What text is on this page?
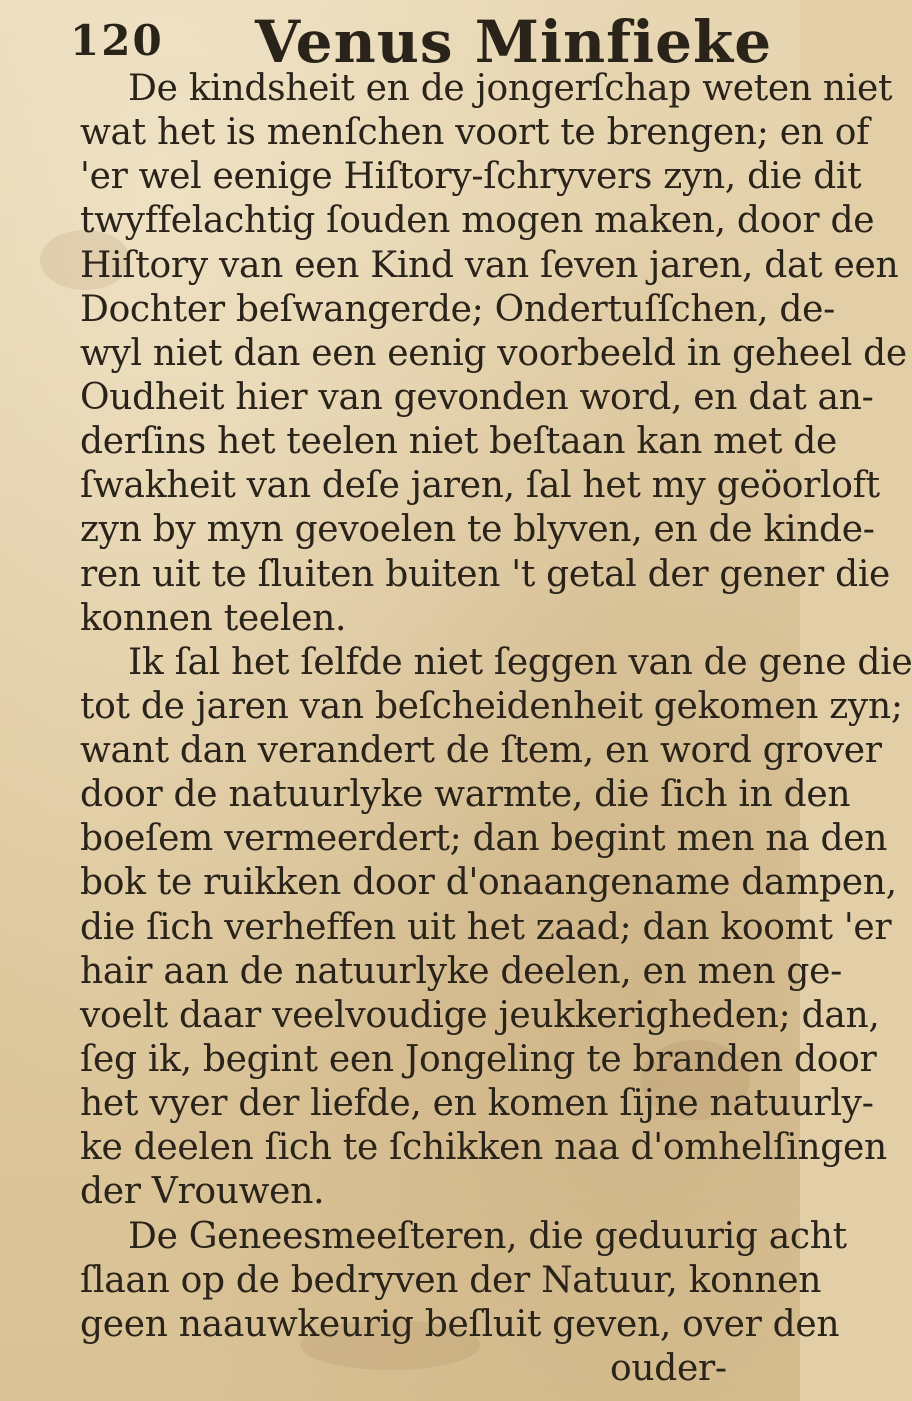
120 Venus Minfieke
De kindsheit en de jongerſchap weten niet
wat het is menſchen voort te brengen; en of
'er wel eenige Hiſtory-ſchryvers zyn, die dit
twyffelachtig ſouden mogen maken, door de
Hiſtory van een Kind van ſeven jaren, dat een
Dochter beſwangerde; Ondertuſſchen, de-
wyl niet dan een eenig voorbeeld in geheel de
Oudheit hier van gevonden word, en dat an-
derſins het teelen niet beſtaan kan met de
ſwakheit van deſe jaren, ſal het my geöorloft
zyn by myn gevoelen te blyven, en de kinde-
ren uit te ſluiten buiten 't getal der gener die
konnen teelen.
Ik ſal het ſelfde niet ſeggen van de gene die
tot de jaren van beſcheidenheit gekomen zyn;
want dan verandert de ſtem, en word grover
door de natuurlyke warmte, die ſich in den
boeſem vermeerdert; dan begint men na den
bok te ruikken door d'onaangename dampen,
die ſich verheffen uit het zaad; dan koomt 'er
hair aan de natuurlyke deelen, en men ge-
voelt daar veelvoudige jeukkerigheden; dan,
ſeg ik, begint een Jongeling te branden door
het vyer der liefde, en komen ſijne natuurly-
ke deelen ſich te ſchikken naa d'omhelſingen
der Vrouwen.
De Geneesmeeſteren, die geduurig acht
ſlaan op de bedryven der Natuur, konnen
geen naauwkeurig beſluit geven, over den
ouder-
